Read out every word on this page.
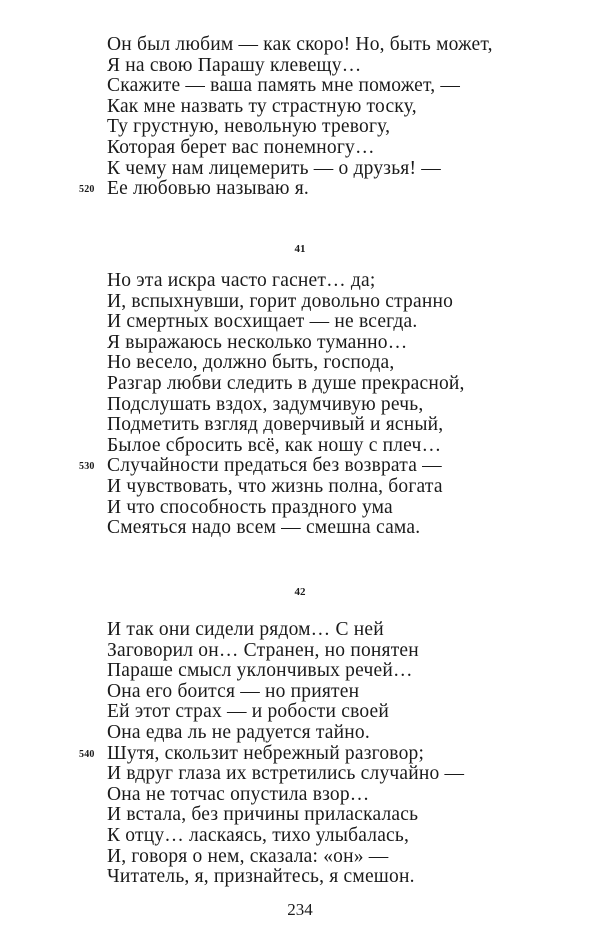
Он был любим — как скоро! Но, быть может,
Я на свою Парашу клевещу…
Скажите — ваша память мне поможет, —
Как мне назвать ту страстную тоску,
Ту грустную, невольную тревогу,
Которая берет вас понемногу…
К чему нам лицемерить — о друзья! —
520 Ее любовью называю я.
41
Но эта искра часто гаснет… да;
И, вспыхнувши, горит довольно странно
И смертных восхищает — не всегда.
Я выражаюсь несколько туманно…
Но весело, должно быть, господа,
Разгар любви следить в душе прекрасной,
Подслушать вздох, задумчивую речь,
Подметить взгляд доверчивый и ясный,
Былое сбросить всё, как ношу с плеч…
530 Случайности предаться без возврата —
И чувствовать, что жизнь полна, богата
И что способность праздного ума
Смеяться надо всем — смешна сама.
42
И так они сидели рядом… С ней
Заговорил он… Странен, но понятен
Параше смысл уклончивых речей…
Она его боится — но приятен
Ей этот страх — и робости своей
Она едва ль не радуется тайно.
540 Шутя, скользит небрежный разговор;
И вдруг глаза их встретились случайно —
Она не тотчас опустила взор…
И встала, без причины приласкалась
К отцу… ласкаясь, тихо улыбалась,
И, говоря о нем, сказала: «он» —
Читатель, я, признайтесь, я смешон.
234
